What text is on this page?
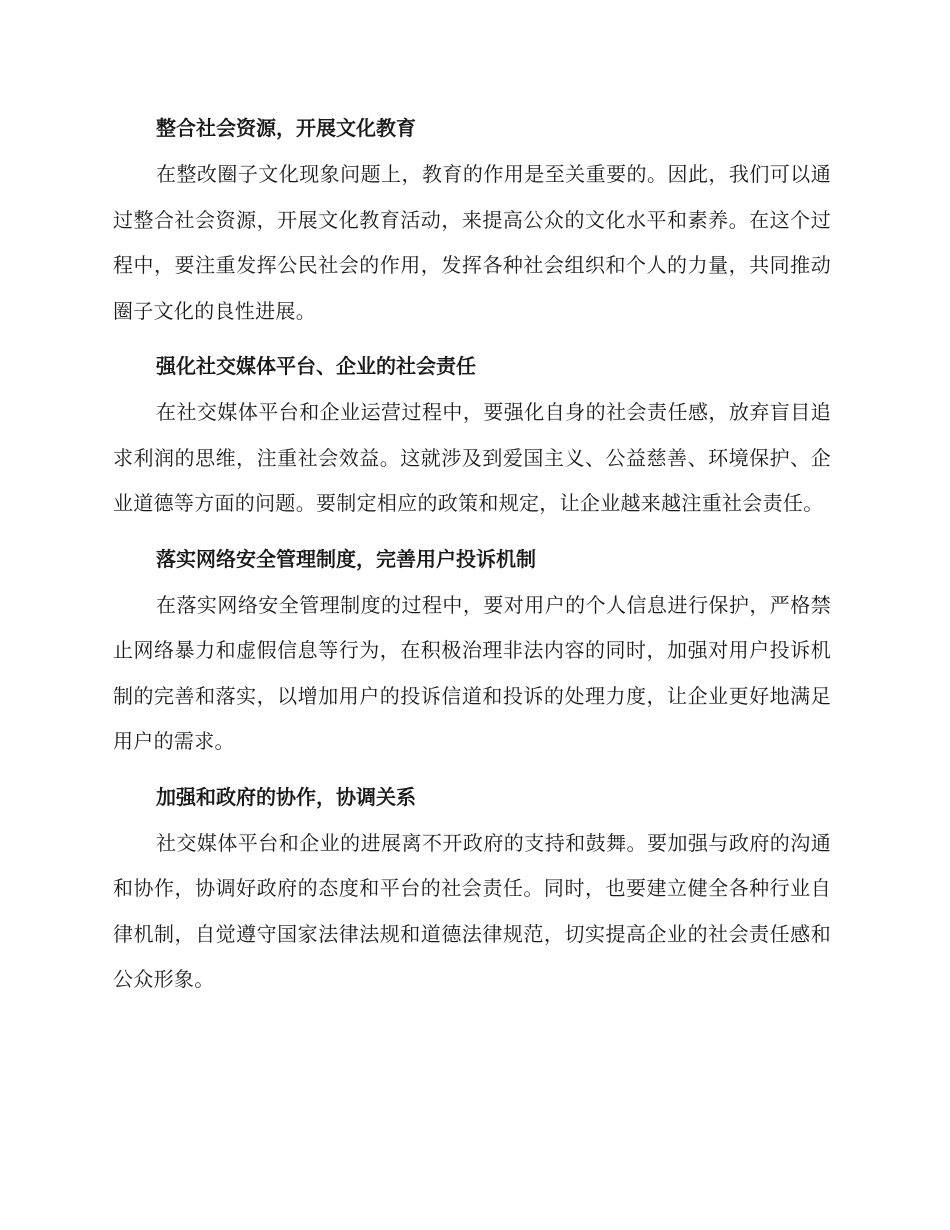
整合社会资源，开展文化教育

在整改圈子文化现象问题上，教育的作用是至关重要的。因此，我们可以通过整合社会资源，开展文化教育活动，来提高公众的文化水平和素养。在这个过程中，要注重发挥公民社会的作用，发挥各种社会组织和个人的力量，共同推动圈子文化的良性进展。

强化社交媒体平台、企业的社会责任

在社交媒体平台和企业运营过程中，要强化自身的社会责任感，放弃盲目追求利润的思维，注重社会效益。这就涉及到爱国主义、公益慈善、环境保护、企业道德等方面的问题。要制定相应的政策和规定，让企业越来越注重社会责任。

落实网络安全管理制度，完善用户投诉机制

在落实网络安全管理制度的过程中，要对用户的个人信息进行保护，严格禁止网络暴力和虚假信息等行为，在积极治理非法内容的同时，加强对用户投诉机制的完善和落实，以增加用户的投诉信道和投诉的处理力度，让企业更好地满足用户的需求。

加强和政府的协作，协调关系

社交媒体平台和企业的进展离不开政府的支持和鼓舞。要加强与政府的沟通和协作，协调好政府的态度和平台的社会责任。同时，也要建立健全各种行业自律机制，自觉遵守国家法律法规和道德法律规范，切实提高企业的社会责任感和公众形象。
